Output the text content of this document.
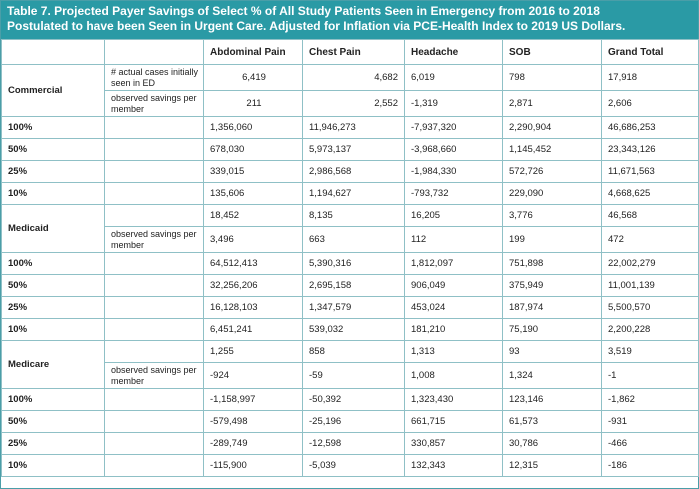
Table 7. Projected Payer Savings of Select % of All Study Patients Seen in Emergency from 2016 to 2018
Postulated to have been Seen in Urgent Care. Adjusted for Inflation via PCE-Health Index to 2019 US Dollars.
		Abdominal Pain	Chest Pain	Headache	SOB	Grand Total
Commercial	# actual cases initially seen in ED	6,419	4,682	6,019	798	17,918
	observed savings per member	211	2,552	-1,319	2,871	2,606
100%		1,356,060	11,946,273	-7,937,320	2,290,904	46,686,253
50%		678,030	5,973,137	-3,968,660	1,145,452	23,343,126
25%		339,015	2,986,568	-1,984,330	572,726	11,671,563
10%		135,606	1,194,627	-793,732	229,090	4,668,625
Medicaid		18,452	8,135	16,205	3,776	46,568
	observed savings per member	3,496	663	112	199	472
100%		64,512,413	5,390,316	1,812,097	751,898	22,002,279
50%		32,256,206	2,695,158	906,049	375,949	11,001,139
25%		16,128,103	1,347,579	453,024	187,974	5,500,570
10%		6,451,241	539,032	181,210	75,190	2,200,228
Medicare		1,255	858	1,313	93	3,519
	observed savings per member	-924	-59	1,008	1,324	-1
100%		-1,158,997	-50,392	1,323,430	123,146	-1,862
50%		-579,498	-25,196	661,715	61,573	-931
25%		-289,749	-12,598	330,857	30,786	-466
10%		-115,900	-5,039	132,343	12,315	-186
